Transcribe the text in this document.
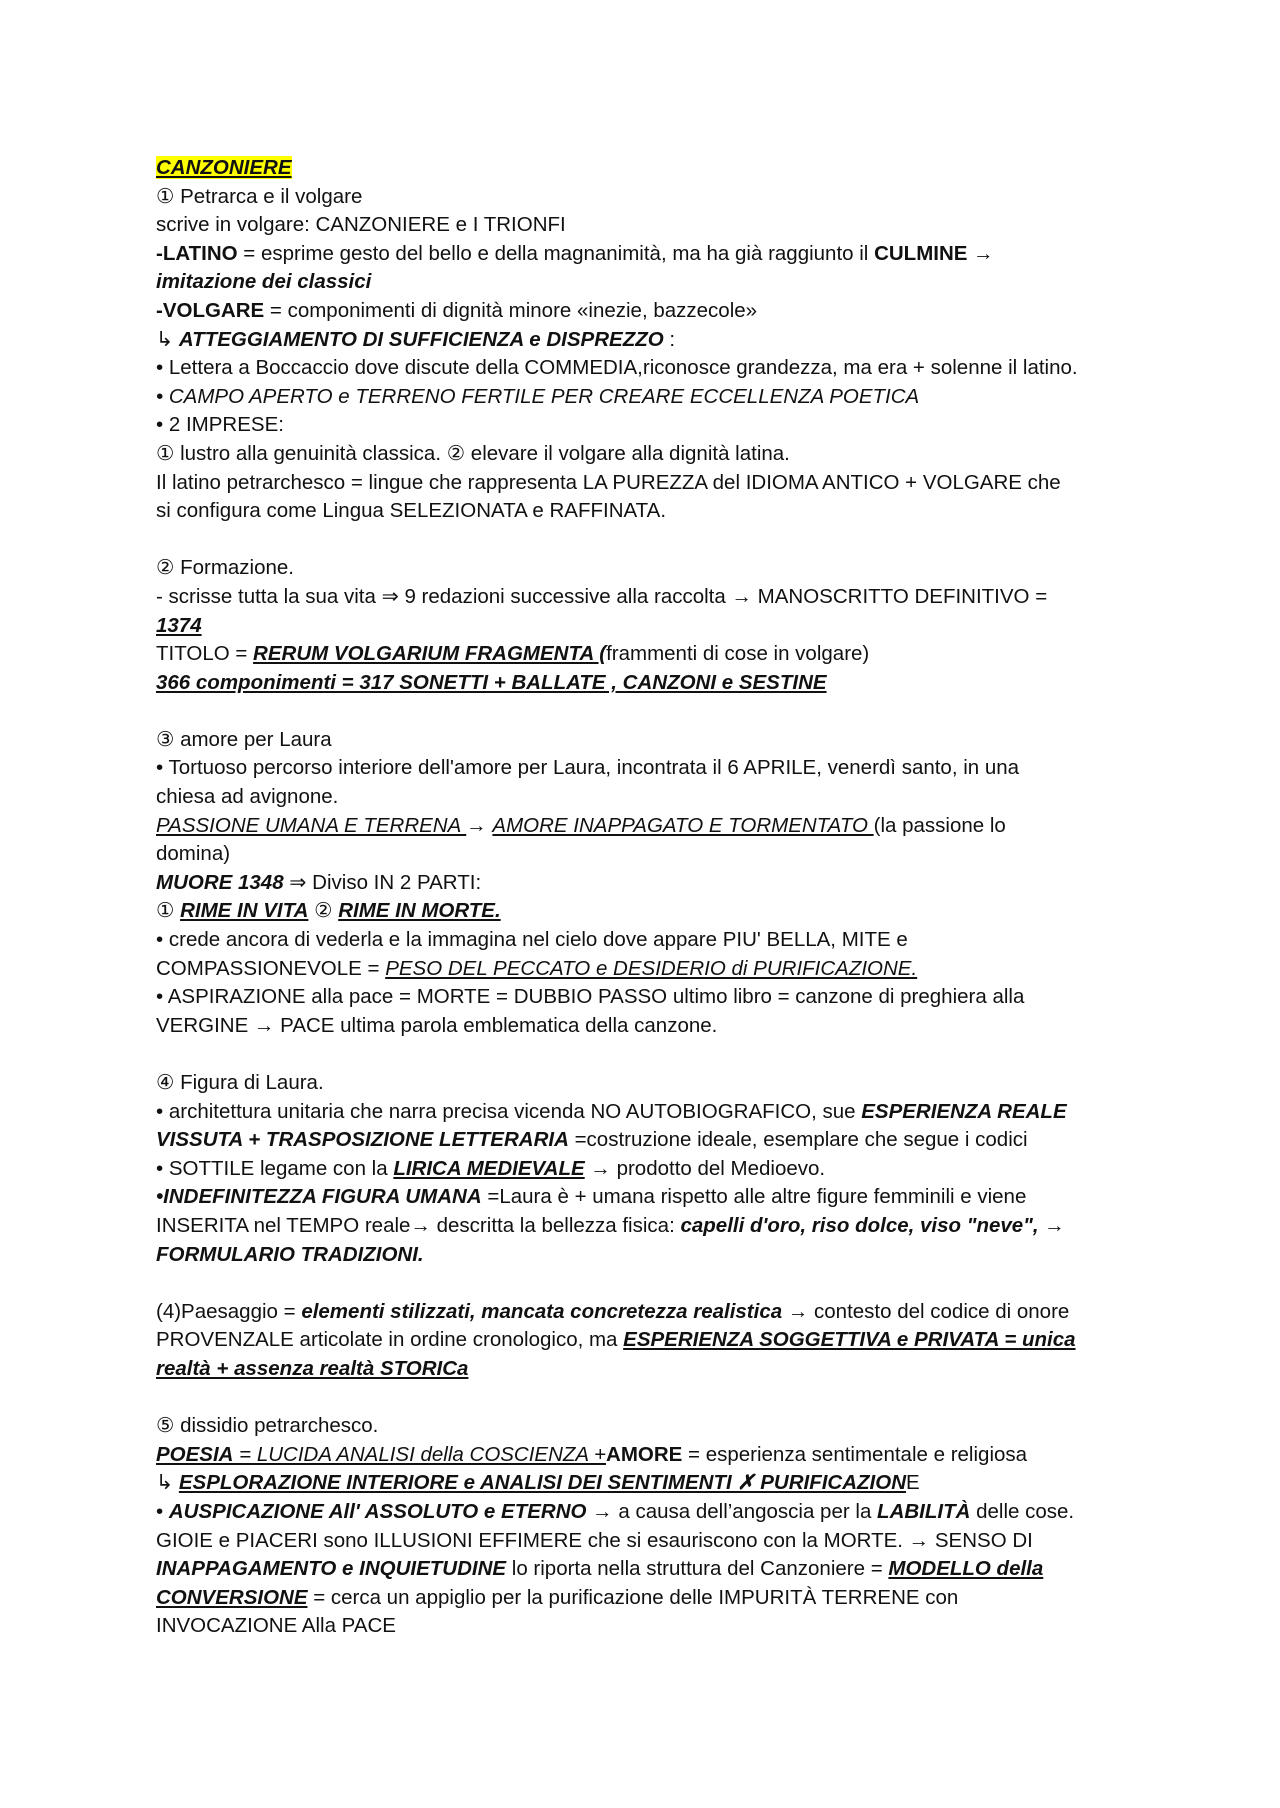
CANZONIERE
① Petrarca e il volgare
scrive in volgare: CANZONIERE e I TRIONFI
-LATINO = esprime gesto del bello e della magnanimità, ma ha già raggiunto il CULMINE →
imitazione dei classici
-VOLGARE = componimenti di dignità minore «inezie, bazzecole»
↳ ATTEGGIAMENTO DI SUFFICIENZA e DISPREZZO :
• Lettera a Boccaccio dove discute della COMMEDIA,riconosce grandezza, ma era + solenne il latino.
• CAMPO APERTO e TERRENO FERTILE PER CREARE ECCELLENZA POETICA
• 2 IMPRESE:
① lustro alla genuinità classica. ② elevare il volgare alla dignità latina.
Il latino petrarchesco = lingue che rappresenta LA PUREZZA del IDIOMA ANTICO + VOLGARE che
si configura come Lingua SELEZIONATA e RAFFINATA.
② Formazione.
- scrisse tutta la sua vita ⇒ 9 redazioni successive alla raccolta → MANOSCRITTO DEFINITIVO =
1374
TITOLO = RERUM VOLGARIUM FRAGMENTA (frammenti di cose in volgare)
366 componimenti = 317 SONETTI + BALLATE , CANZONI e SESTINE
③ amore per Laura
• Tortuoso percorso interiore dell'amore per Laura, incontrata il 6 APRILE, venerdì santo, in una
chiesa ad avignone.
PASSIONE UMANA E TERRENA → AMORE INAPPAGATO E TORMENTATO (la passione lo
domina)
MUORE 1348 ⇒ Diviso IN 2 PARTI:
① RIME IN VITA ② RIME IN MORTE.
• crede ancora di vederla e la immagina nel cielo dove appare PIU' BELLA, MITE e
COMPASSIONEVOLE = PESO DEL PECCATO e DESIDERIO di PURIFICAZIONE.
• ASPIRAZIONE alla pace = MORTE = DUBBIO PASSO ultimo libro = canzone di preghiera alla
VERGINE → PACE ultima parola emblematica della canzone.
④ Figura di Laura.
• architettura unitaria che narra precisa vicenda NO AUTOBIOGRAFICO, sue ESPERIENZA REALE
VISSUTA + TRASPOSIZIONE LETTERARIA =costruzione ideale, esemplare che segue i codici
• SOTTILE legame con la LIRICA MEDIEVALE → prodotto del Medioevo.
•INDEFINITEZZA FIGURA UMANA =Laura è + umana rispetto alle altre figure femminili e viene
INSERITA nel TEMPO reale→ descritta la bellezza fisica: capelli d'oro, riso dolce, viso "neve", →
FORMULARIO TRADIZIONI.
(4)Paesaggio = elementi stilizzati, mancata concretezza realistica → contesto del codice di onore
PROVENZALE articolate in ordine cronologico, ma ESPERIENZA SOGGETTIVA e PRIVATA = unica
realtà + assenza realtà STORICa
⑤ dissidio petrarchesco.
POESIA = LUCIDA ANALISI della COSCIENZA +AMORE = esperienza sentimentale e religiosa
↳ ESPLORAZIONE INTERIORE e ANALISI DEI SENTIMENTI ✗ PURIFICAZIONE
• AUSPICAZIONE All' ASSOLUTO e ETERNO → a causa dell’angoscia per la LABILITÀ delle cose.
GIOIE e PIACERI sono ILLUSIONI EFFIMERE che si esauriscono con la MORTE. → SENSO DI
INAPPAGAMENTO e INQUIETUDINE lo riporta nella struttura del Canzoniere = MODELLO della
CONVERSIONE = cerca un appiglio per la purificazione delle IMPURITÀ TERRENE con
INVOCAZIONE Alla PACE
